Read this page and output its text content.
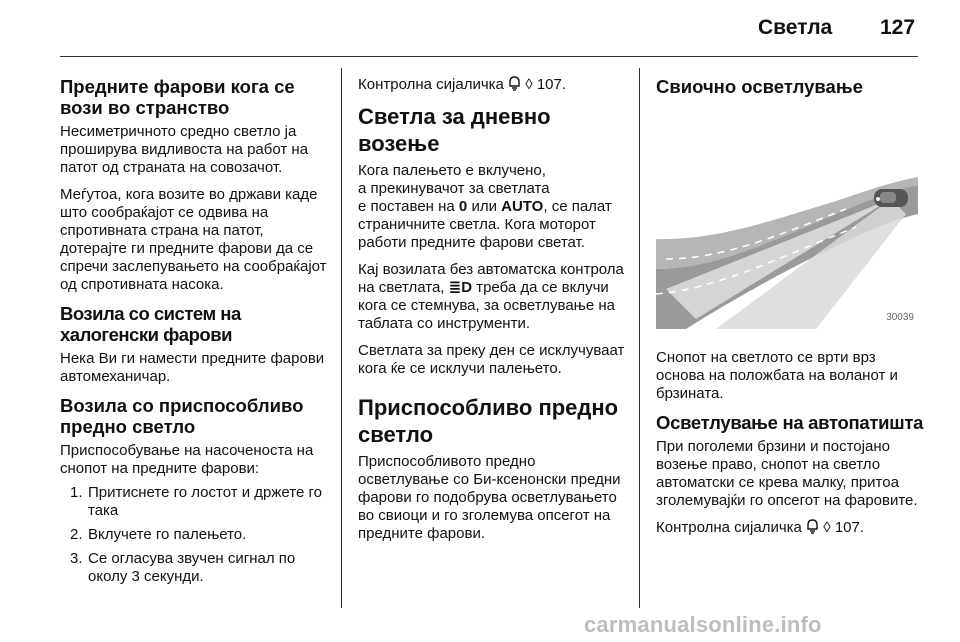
Светла 127
Предните фарови кога се вози во странство

Несиметричното средно светло ја проширува видливоста на работ на патот од страната на совозачот.

Меѓутоа, кога возите во држави каде што сообраќајот се одвива на спротивната страна на патот, дотерајте ги предните фарови да се спречи заслепувањето на сообраќајот од спротивната насока.

Возила со систем на халогенски фарови

Нека Ви ги намести предните фарови автомеханичар.

Возила со приспособливо предно светло

Приспособување на насоченоста на снопот на предните фарови:

1. Притиснете го лостот и држете го така
2. Вклучете го палењето.
3. Се огласува звучен сигнал по околу 3 секунди.

Контролна сијаличка ◊ 107.

Светла за дневно возење

Кога палењето е вклучено,
а прекинувачот за светлата
е поставен на 0 или AUTO, се палат страничните светла. Кога моторот работи предните фарови светат.

Кај возилата без автоматска контрола на светлата, ≣D треба да се вклучи кога се стемнува, за осветлување на таблата со инструменти.

Светлата за преку ден се исклучуваат кога ќе се исклучи палењето.

Приспособливо предно светло

Приспособливото предно осветлување со Би-ксенонски предни фарови го подобрува осветлувањето во свиоци и го зголемува опсегот на предните фарови.

Свиочно осветлување
30039

Снопот на светлото се врти врз основа на положбата на воланот и брзината.

Осветлување на автопатишта

При поголеми брзини и постојано возење право, снопот на светло автоматски се крева малку, притоа зголемувајќи го опсегот на фаровите.

Контролна сијаличка ◊ 107.

carmanualsonline.info
